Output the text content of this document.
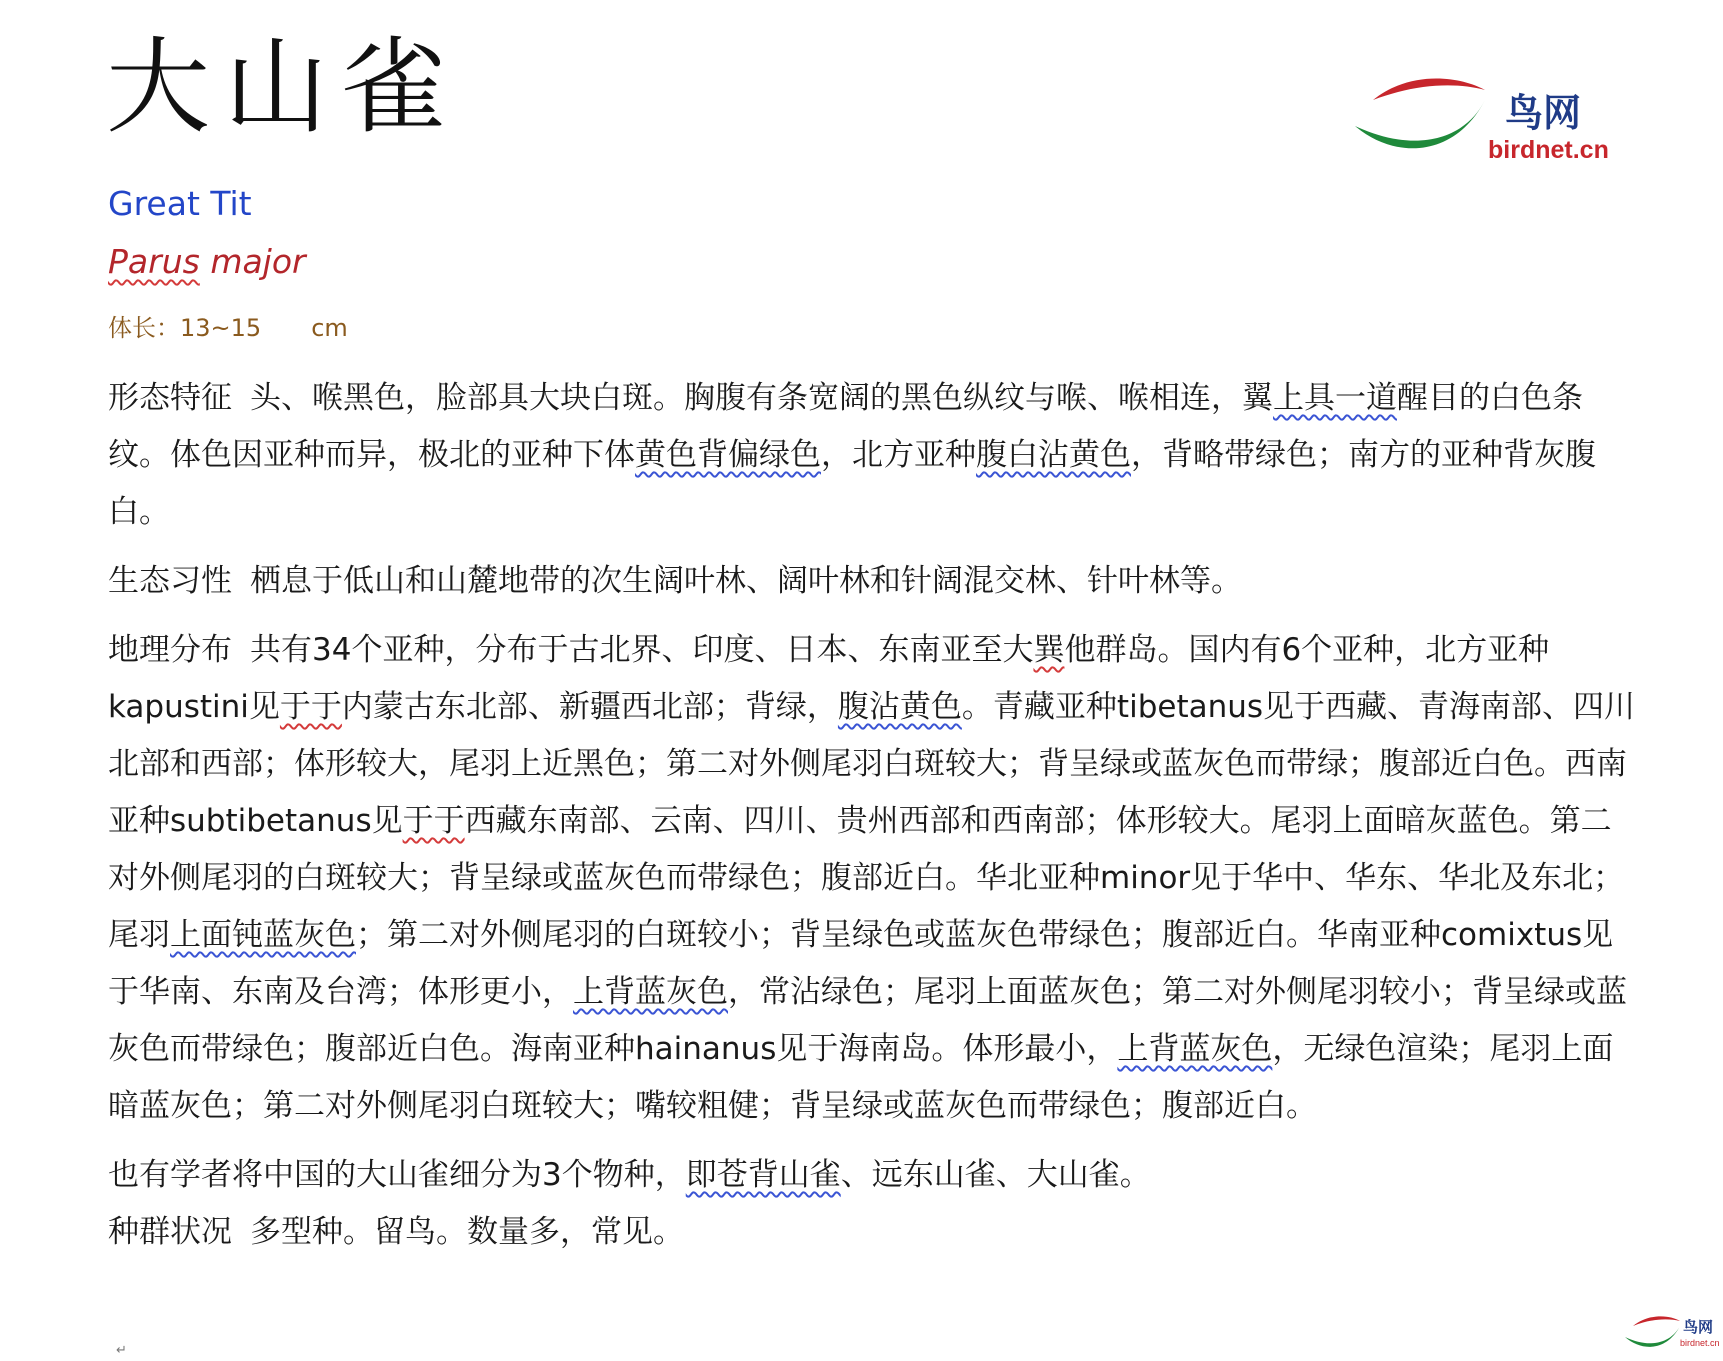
大山雀	鸟网
birdnet.cn
Great Tit
Parus major
体长：13~15 cm

形态特征 头、喉黑色，脸部具大块白斑。胸腹有条宽阔的黑色纵纹与喉、喉相连，翼上具一道醒目的白色条纹。体色因亚种而异，极北的亚种下体黄色背偏绿色，北方亚种腹白沾黄色，背略带绿色；南方的亚种背灰腹白。

生态习性 栖息于低山和山麓地带的次生阔叶林、阔叶林和针阔混交林、针叶林等。

地理分布 共有34个亚种，分布于古北界、印度、日本、东南亚至大巽他群岛。国内有6个亚种，北方亚种kapustini见于于内蒙古东北部、新疆西北部；背绿，腹沾黄色。青藏亚种tibetanus见于西藏、青海南部、四川北部和西部；体形较大，尾羽上近黑色；第二对外侧尾羽白斑较大；背呈绿或蓝灰色而带绿；腹部近白色。西南亚种subtibetanus见于于西藏东南部、云南、四川、贵州西部和西南部；体形较大。尾羽上面暗灰蓝色。第二对外侧尾羽的白斑较大；背呈绿或蓝灰色而带绿色；腹部近白。华北亚种minor见于华中、华东、华北及东北；尾羽上面钝蓝灰色；第二对外侧尾羽的白斑较小；背呈绿色或蓝灰色带绿色；腹部近白。华南亚种comixtus见于华南、东南及台湾；体形更小，上背蓝灰色，常沾绿色；尾羽上面蓝灰色；第二对外侧尾羽较小；背呈绿或蓝灰色而带绿色；腹部近白色。海南亚种hainanus见于海南岛。体形最小，上背蓝灰色，无绿色渲染；尾羽上面暗蓝灰色；第二对外侧尾羽白斑较大；嘴较粗健；背呈绿或蓝灰色而带绿色；腹部近白。

也有学者将中国的大山雀细分为3个物种，即苍背山雀、远东山雀、大山雀。

种群状况 多型种。留鸟。数量多，常见。

↵
鸟网
birdnet.cn
